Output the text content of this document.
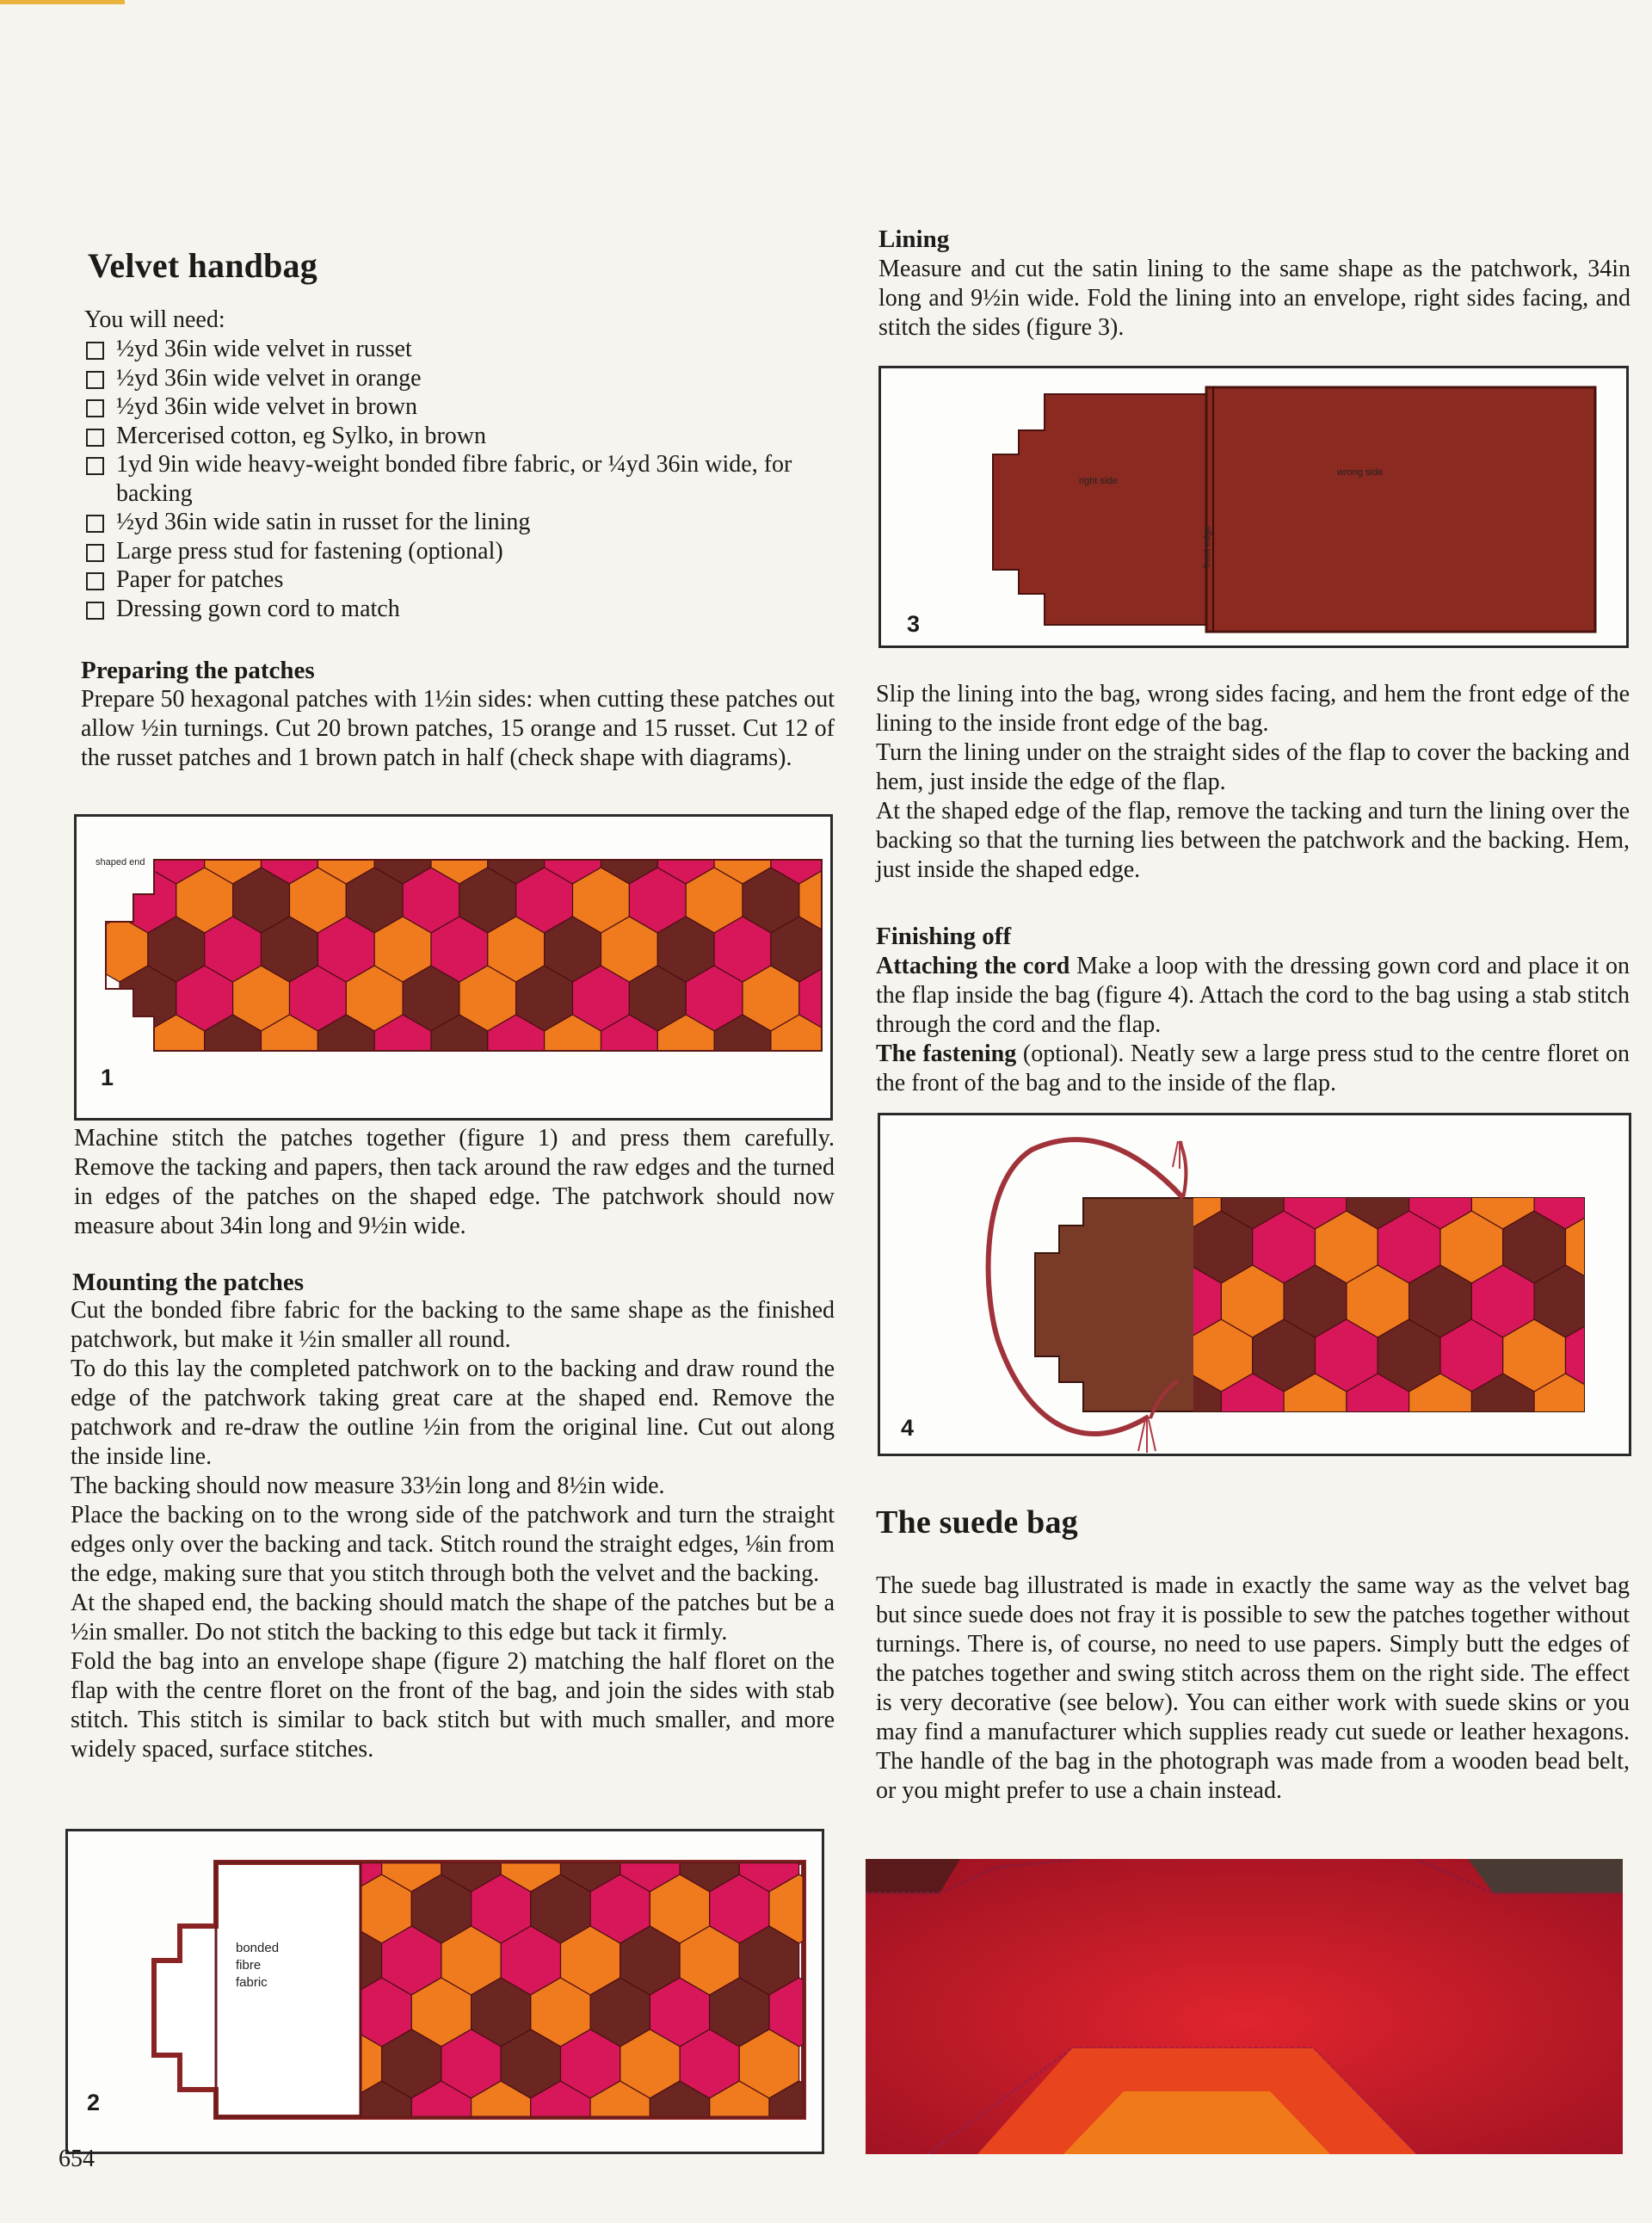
Velvet handbag

You will need:

½yd 36in wide velvet in russet
½yd 36in wide velvet in orange
½yd 36in wide velvet in brown
Mercerised cotton, eg Sylko, in brown
1yd 9in wide heavy-weight bonded fibre fabric, or ¼yd 36in wide, for backing
½yd 36in wide satin in russet for the lining
Large press stud for fastening (optional)
Paper for patches
Dressing gown cord to match
Preparing the patches

Prepare 50 hexagonal patches with 1½in sides: when cutting these patches out allow ½in turnings. Cut 20 brown patches, 15 orange and 15 russet. Cut 12 of the russet patches and 1 brown patch in half (check shape with diagrams).

shaped end
1

Machine stitch the patches together (figure 1) and press them carefully. Remove the tacking and papers, then tack around the raw edges and the turned in edges of the patches on the shaped edge. The patchwork should now measure about 34in long and 9½in wide.

Mounting the patches
Cut the bonded fibre fabric for the backing to the same shape as the finished patchwork, but make it ½in smaller all round.
To do this lay the completed patchwork on to the backing and draw round the edge of the patchwork taking great care at the shaped end. Remove the patchwork and re-draw the outline ½in from the original line. Cut out along the inside line.
The backing should now measure 33½in long and 8½in wide.
Place the backing on to the wrong side of the patchwork and turn the straight edges only over the backing and tack. Stitch round the straight edges, ⅛in from the edge, making sure that you stitch through both the velvet and the backing.
At the shaped end, the backing should match the shape of the patches but be a ½in smaller. Do not stitch the backing to this edge but tack it firmly.
Fold the bag into an envelope shape (figure 2) matching the half floret on the flap with the centre floret on the front of the bag, and join the sides with stab stitch. This stitch is similar to back stitch but with much smaller, and more widely spaced, surface stitches.
bonded fibre fabric
2
654
Lining

Measure and cut the satin lining to the same shape as the patchwork, 34in long and 9½in wide. Fold the lining into an envelope, right sides facing, and stitch the sides (figure 3).

right side
wrong side
front edge
3
Slip the lining into the bag, wrong sides facing, and hem the front edge of the lining to the inside front edge of the bag.
Turn the lining under on the straight sides of the flap to cover the backing and hem, just inside the edge of the flap.
At the shaped edge of the flap, remove the tacking and turn the lining over the backing so that the turning lies between the patchwork and the backing. Hem, just inside the shaped edge.
Finishing off

Attaching the cord Make a loop with the dressing gown cord and place it on the flap inside the bag (figure 4). Attach the cord to the bag using a stab stitch through the cord and the flap.

The fastening (optional). Neatly sew a large press stud to the centre floret on the front of the bag and to the inside of the flap.

4
The suede bag

The suede bag illustrated is made in exactly the same way as the velvet bag but since suede does not fray it is possible to sew the patches together without turnings. There is, of course, no need to use papers. Simply butt the edges of the patches together and swing stitch across them on the right side. The effect is very decorative (see below). You can either work with suede skins or you may find a manufacturer which supplies ready cut suede or leather hexagons. The handle of the bag in the photograph was made from a wooden bead belt, or you might prefer to use a chain instead.
